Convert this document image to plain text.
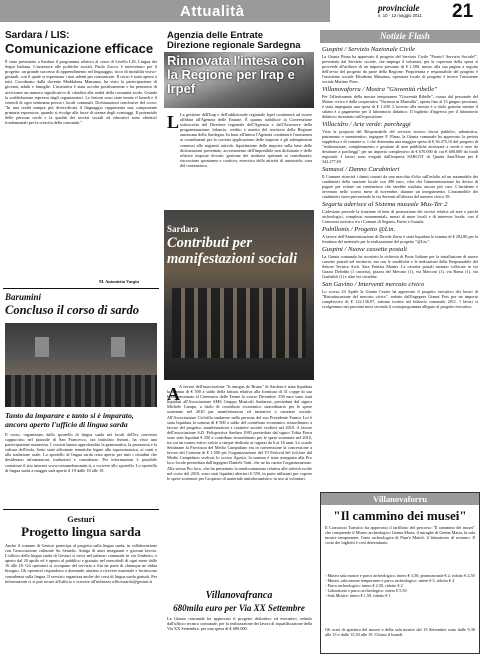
Attualità	provinciale
n. 10 - 13 maggio 2011 21
Sardara / LIS:
Comunicazione efficace
È stato presentato a Sardara il programma relativo al corso di Livello LIS, Lingua dei Segni Italiana. L'assessore alle politiche sociali, Paolo Zucca, è intervenuto per il progetto: un grande successo di apprendimento nel linguaggio, ricco di modalità visivo-gestuali, con il quale si esprimono i non udenti per comunicare. Il corso è stato aperto a tutti. Coordinato dalla docente Maddalena Manunza, ha visto la partecipazione di giovani, adulti e famiglie. L'iniziativa è stata accolta positivamente e ha permesso di avvicinare un numero significativo di cittadini alla realtà della comunità sorda. Grande la soddisfazione espressa dagli organizzatori. Le lezioni sono state tenute il lunedì e il venerdì di ogni settimana presso i locali comunali. Dichiarazioni conclusive del corso: "In una realtà sempre più diversificata il linguaggio rappresenta una componente primaria espressiva, quando si rivolge alle fasce di utenza degli svantaggi. Il potenziale delle persone sorde e la qualità dei servizi sociali ed educativi sono obiettivi fondamentali per la crescita della comunità."
M. Antonietta Vargiu
Barumini
Concluso il corso di sardo
Tanto da imparare e tanto si è imparato, ancora aperto l'ufficio di lingua sarda
Il corso, organizzato dallo sportello di lingua sarda nei locali dell'ex convento cappuccino nel piazzale di San Francesco, ora intitolato lezioni, ha visto una partecipazione numerosa. I corsisti hanno approfondito la grammatica, la pronuncia e la cultura dell'isola. Sono state affrontate tematiche legate alla toponomastica, ai canti e alla tradizione orale. Lo sportello di lingua sarda resta aperto per tutti i cittadini che desiderano informazioni, traduzioni e consulenze. Per informazioni è possibile contattare il sito internet www.comunebarumini.it, o scrivere allo sportello. Lo sportello di lingua sarda a maggio sarà aperto il 19 dalle 18 alle 19.
Gesturi
Progetto lingua sarda
Anche il comune di Gesturi partecipa al progetto sulla lingua sarda, in collaborazione con l'associazione culturale Su Sentidu. Antiga di anni insegnanti e giovani lavora. L'ufficio della lingua sarda di Gesturi si trova nel palazzo comunale in via Umberto, e aperto dal 20 aprile ed è aperto al pubblico e gratuito nel mercoledì di ogni mese dalle 16 alle 18. Gli operatori si occupano del servizio a fini da parte di chiunque ne abbia bisogno. Gli operatori rispondono a domande, aiutano a ricevere materiale e forniscono consulenza sulla lingua. Il servizio organizza anche dei corsi di lingua sarda gratuiti. Per informazioni ci si può recare all'ufficio o scrivere all'indirizzo ufficiosardo@gesturi.it
Agenzia delle Entrate
Direzione regionale Sardegna
Rinnovata l'intesa con la Regione per Irap e Irpef
L La gestione dell'Irap e dell'addizionale regionale Irpef continuerà ad essere affidata all'Agenzia delle Entrate. È quanto stabilisce la Convenzione sottoscritta dal Direttore regionale dell'Agenzia e dall'Assessore della programmazione, bilancio, credito e assetto del territorio della Regione autonoma della Sardegna. In base all'intesa l'Agenzia continuerà l'assistenza ai contribuenti per la corretta applicazione delle imposte e gli adempimenti connessi alle seguenti attività: liquidazione delle imposte sulla base delle dichiarazioni presentate, accertamento dell'imponibile non dichiarato e delle relative imposte dovute; gestione dei rimborsi spettanti ai contribuenti; riscossione spontanea e coattiva; esercizio della attività di autotutela; cura del contenzioso.
Sardara
Contributi per manifestazioni sociali
A A favore dell'associazione "Is amigus de Bruno" di Sardara è stata liquidata la somma di € 500 a saldo della fattura relativa alla fornitura di 31 coppe di sua libro presentato al Cineteatro delle Terme lo scorso Dicembre. 350 euro sono stati liquidati all'Associazione SMS Gruppo Musicali Sardaresi, presieduta dal signor Michele Campo, a titolo di contributo economico straordinario per le spese sostenute nel 2010 per manifestazioni ed iniziative a carattere sociale. All'Associazione Ciclofila sardarese nella persona del suo Presidente Franco Loi è stata liquidata la somma di € 500 a saldo del contributo economico straordinario a favore del progetto: manifestazioni a carattere sociale svoltesi nel 2010. A favore dell'associazione S.D. Polisportiva Sardara 1983 presieduta dal signor Tobia Porru sono stati liquidati € 250 a contributo straordinario per le spese sostenute nel 2010, tra cui un torneo estivo calcio a cinque dedicato ai ragazzi da 6 ai 16 anni. Le scuole Settimane la Provincia del Medio Campidano era in convenzione la concessione a favore del Comune di € 1.500 per l'organizzazione del VI Festival del folclore dal Medio Campidano svoltosi lo scorso Agosto, la somma è stata assegnata alla Pro loco locale presieduta dall'ingegner Daniele Tatti, che ne ha curato l'organizzazione. Alla stessa Pro loco, che ha presentato la rendicontazione relativa alle attività svolte nel corso del 2010, sono stati liquidati ulteriori € 550, in parte utilizzati per coprire le spese sostenute per l'acquisto di materiale antinfortunistico in uso ai volontari.
Villanovafranca
680mila euro per Via XX Settembre
La Giunta comunale ha approvato il progetto definitivo ed esecutivo, redatto dall'ufficio tecnico comunale, per la realizzazione dei lavori di riqualificazione della Via XX Settembre, per una spesa di € 680.000.
Notizie Flash
Guspini / Servizio Nazionale Civile

La Giunta Pinna ha approvato il progetto del Servizio Civile "Pronto? Servizio Sociale!", presentato dal Servizio sociale, che impiega 4 volontari, per la copertura della spesa si provvede all'utilizzo di un importo presunto di € 1.500, messo alla sua pagina a seguito dell'avvio del progetto da parte della Regione. Proprietaria e responsabile del progetto è l'assistente sociale Elisabetta Manunza, operatore locale di progetto è invece l'assistente sociale Martino Piras.

Villanovaforru / Mostra "Giovenità ribelle"

Per l'allestimento della mostra temporanea "Giovenità Ribelle", curata dal personale del Museo civico e dalla cooperativa "Turismo in Marmilla", aperta fino al 15 giugno prossimo, è stata impegnata una spesa di € 1.200. L'accesso alla mostra è a titolo gratuito mentre il sabato è a pagamento per il laboratorio didattico. Il biglietto d'ingresso per il laboratorio didattico incentrato sull'esposizione.

Villacidro / Arte verde: parcheggi

Vista la proposta del Responsabile del servizio tecnico lavori pubblici, urbanistica, patrimonio e manutentivo, ingegner F. Planu, la Giunta comunale ha approvato la perizia suppletiva e di variante n. 1 che determina una maggior spesa di € 36.475,16 del progetto di "realizzazione, completamento e gestione di aree pubbliche attrezzate a verde e aree da destinare a parcheggi" per un importo complessivo di € 670.000 di cui € 600.000 da fondi regionali. I lavori sono eseguiti dall'impresa SARCOT di Quartu Sant'Elena per € 342.277,69.

Samassi / Danno Carabinieri

Il Comune risarcirà i danni causati da una macchia d'olio sull'asfalto ad un automobile dei carabinieri della stazione locale con 490 euro, cifra che l'amministrazione ha deciso di pagare per evitare un contenzioso che sarebbe risultato ancora più caro. L'incidente è avvenuto nello scorso mese di novembre, durante un inseguimento. L'automobile dei carabinieri stava percorrendo la via Serrenti all'altezza del numero civico 58.

Segariu aderisce al Sistema museale Mus-Ter 2

L'adesione prevede la fruizione di beni di promozione dei servizi relativi ad aree e parchi archeologici, complessi monumentali, musei di mine locali e di interesse locale, con il Consorzio turistico fra i Comuni di Segariu, Furtei e Guasila.

Pabillonis / Progetto @Lin.

A favore dell'Amministrazione di Davide Zurru è stata liquidata la somma di € 292,80 per la fornitura del materiale per la realizzazione del progetto "@Lin.".

Guspini / Nuove cassette postali

La Giunta comunale ha accettato la richiesta di Poste Italiane per la installazione di nuove cassette postali nel territorio, ma con le modifiche e le indicazioni della Responsabile del Settore Tecnico Arch. Sara Patrizia Montis. Le cassette postali saranno collocate in via Grazia Deledda (1 cassetta), piazza del Mercato (1), via Marconi (1), via Roma (1), via Garibaldi (1) e altre vie cittadine.

San Gavino / Interventi mercato civico

Lo scorso 24 Aprile la Giunta Cesare ha approvato il progetto esecutivo dei lavori di "Ristrutturazione del mercato civico", redatto dall'ingegner Gianni Fois per un importo complessivo di € 122.136,97, somma iscritta nel bilancio comunale 2011. I lavori si svolgeranno nei prossimi mesi secondo il cronoprogramma allegato al progetto esecutivo.

Villanovaforru
"Il cammino dei musei"
Il Consorzio Turistico ha approvato il tariffario del percorso "Il cammino dei musei" che comprende il Museo archeologico Genna Maria, il nuraghe di Genna Maria, la sala mostre temporanee, l'area archeologica di Pinn'e Maioli, il laboratorio di restauro. Il costo dei biglietti è così determinato:
- Museo sala mostre e parco archeologico: intero € 3,50; promozionale € 2; ridotto € 2,50
- Museo, sala mostre temporanee e parco archeologico: intero € 5, ridotto € 4
- Parco archeologico: intero € 2,50, ridotto € 2
- Laboratorio e parco archeologico: intero € 5,50
- Sala Mostre: intero € 1,50, ridotto € 1
Gli orari di apertura del museo e della sala mostre dal 15 Settembre sono dalle 9,30 alle 13 e dalle 15,30 alle 19. Chiuso il lunedì.
